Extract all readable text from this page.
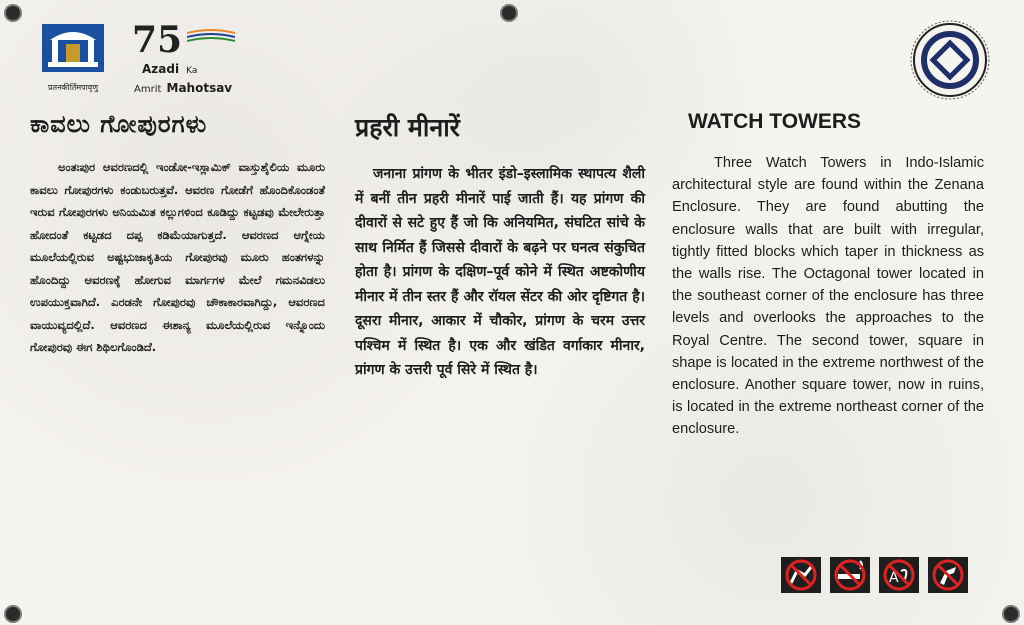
प्रतनकीर्तिमपावृणु
75
Azadi Ka
Amrit Mahotsav
ಕಾವಲು ಗೋಪುರಗಳು

ಅಂತಃಪುರ ಆವರಣದಲ್ಲಿ ಇಂಡೋ-ಇಸ್ಲಾಮಿಕ್ ವಾಸ್ತುಶೈಲಿಯ ಮೂರು ಕಾವಲು ಗೋಪುರಗಳು ಕಂಡುಬರುತ್ತವೆ. ಆವರಣ ಗೋಡೆಗೆ ಹೊಂದಿಕೊಂಡಂತೆ ಇರುವ ಗೋಪುರಗಳು ಅನಿಯಮಿತ ಕಲ್ಲುಗಳಿಂದ ಕೂಡಿದ್ದು ಕಟ್ಟಡವು ಮೇಲೇರುತ್ತಾ ಹೋದಂತೆ ಕಟ್ಟಡದ ದಪ್ಪ ಕಡಿಮೆಯಾಗುತ್ತದೆ. ಆವರಣದ ಆಗ್ನೇಯ ಮೂಲೆಯಲ್ಲಿರುವ ಅಷ್ಟಭುಜಾಕೃತಿಯ ಗೋಪುರವು ಮೂರು ಹಂತಗಳನ್ನು ಹೊಂದಿದ್ದು ಆವರಣಕ್ಕೆ ಹೋಗುವ ಮಾರ್ಗಗಳ ಮೇಲೆ ಗಮನವಿಡಲು ಉಪಯುಕ್ತವಾಗಿದೆ. ಎರಡನೇ ಗೋಪುರವು ಚೌಕಾಕಾರವಾಗಿದ್ದು, ಆವರಣದ ವಾಯುವ್ಯದಲ್ಲಿದೆ. ಆವರಣದ ಈಶಾನ್ಯ ಮೂಲೆಯಲ್ಲಿರುವ ಇನ್ನೊಂದು ಗೋಪುರವು ಈಗ ಶಿಥಿಲಗೊಂಡಿದೆ.

प्रहरी मीनारें

जनाना प्रांगण के भीतर इंडो–इस्लामिक स्थापत्य शैली में बनीं तीन प्रहरी मीनारें पाई जाती हैं। यह प्रांगण की दीवारों से सटे हुए हैं जो कि अनियमित, संघटित सांचे के साथ निर्मित हैं जिससे दीवारों के बढ़ने पर घनत्व संकुचित होता है। प्रांगण के दक्षिण–पूर्व कोने में स्थित अष्टकोणीय मीनार में तीन स्तर हैं और रॉयल सेंटर की ओर दृष्टिगत है। दूसरा मीनार, आकार में चौकोर, प्रांगण के चरम उत्तर पश्चिम में स्थित है। एक और खंडित वर्गाकार मीनार, प्रांगण के उत्तरी पूर्व सिरे में स्थित है।

WATCH TOWERS

Three Watch Towers in Indo-Islamic architectural style are found within the Zenana Enclosure. They are found abutting the enclosure walls that are built with irregular, tightly fitted blocks which taper in thickness as the walls rise. The Octagonal tower located in the southeast corner of the enclosure has three levels and overlooks the approaches to the Royal Centre. The second tower, square in shape is located in the extreme northwest of the enclosure. Another square tower, now in ruins, is located in the extreme northeast corner of the enclosure.

A
